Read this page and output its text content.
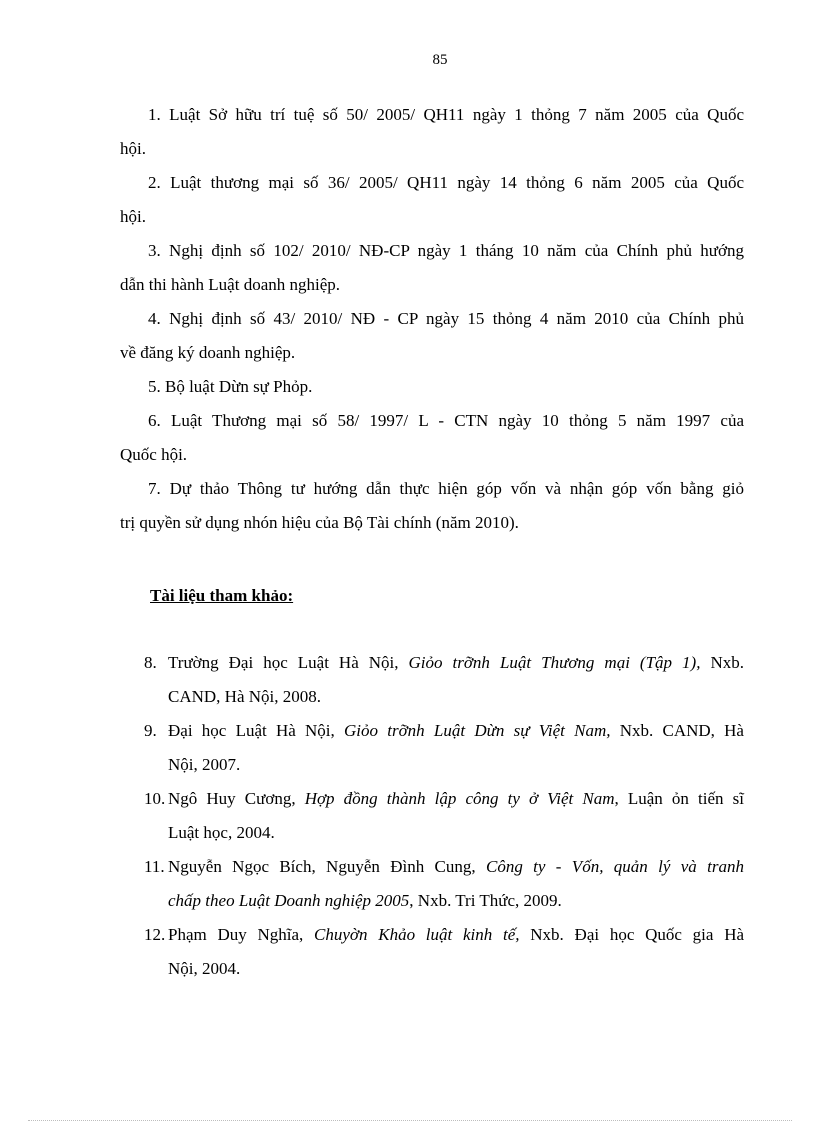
85

1. Luật Sở hữu trí tuệ số 50/ 2005/ QH11 ngày 1 thỏng 7 năm 2005 của Quốc
hội.

2. Luật thương mại số 36/ 2005/ QH11 ngày 14 thỏng 6 năm 2005 của Quốc
hội.

3. Nghị định số 102/ 2010/ NĐ-CP ngày 1 tháng 10 năm của Chính phủ hướng
dẫn thi hành Luật doanh nghiệp.

4. Nghị định số 43/ 2010/ NĐ - CP ngày 15 thỏng 4 năm 2010 của Chính phủ
về đăng ký doanh nghiệp.

5. Bộ luật Dừn sự Phỏp.

6. Luật Thương mại số 58/ 1997/ L - CTN ngày 10 thỏng 5 năm 1997 của
Quốc hội.

7. Dự thảo Thông tư hướng dẫn thực hiện góp vốn và nhận góp vốn bằng giỏ
trị quyền sử dụng nhón hiệu của Bộ Tài chính (năm 2010).

Tài liệu tham khảo:
8. Trường Đại học Luật Hà Nội, Giỏo trỡnh Luật Thương mại (Tập 1), Nxb.
CAND, Hà Nội, 2008.
9. Đại học Luật Hà Nội, Giỏo trỡnh Luật Dừn sự Việt Nam, Nxb. CAND, Hà
Nội, 2007.
10. Ngô Huy Cương, Hợp đồng thành lập công ty ở Việt Nam, Luận ỏn tiến sĩ
Luật học, 2004.
11. Nguyễn Ngọc Bích, Nguyễn Đình Cung, Công ty - Vốn, quản lý và tranh
chấp theo Luật Doanh nghiệp 2005, Nxb. Tri Thức, 2009.
12. Phạm Duy Nghĩa, Chuyờn Khảo luật kinh tế, Nxb. Đại học Quốc gia Hà
Nội, 2004.
